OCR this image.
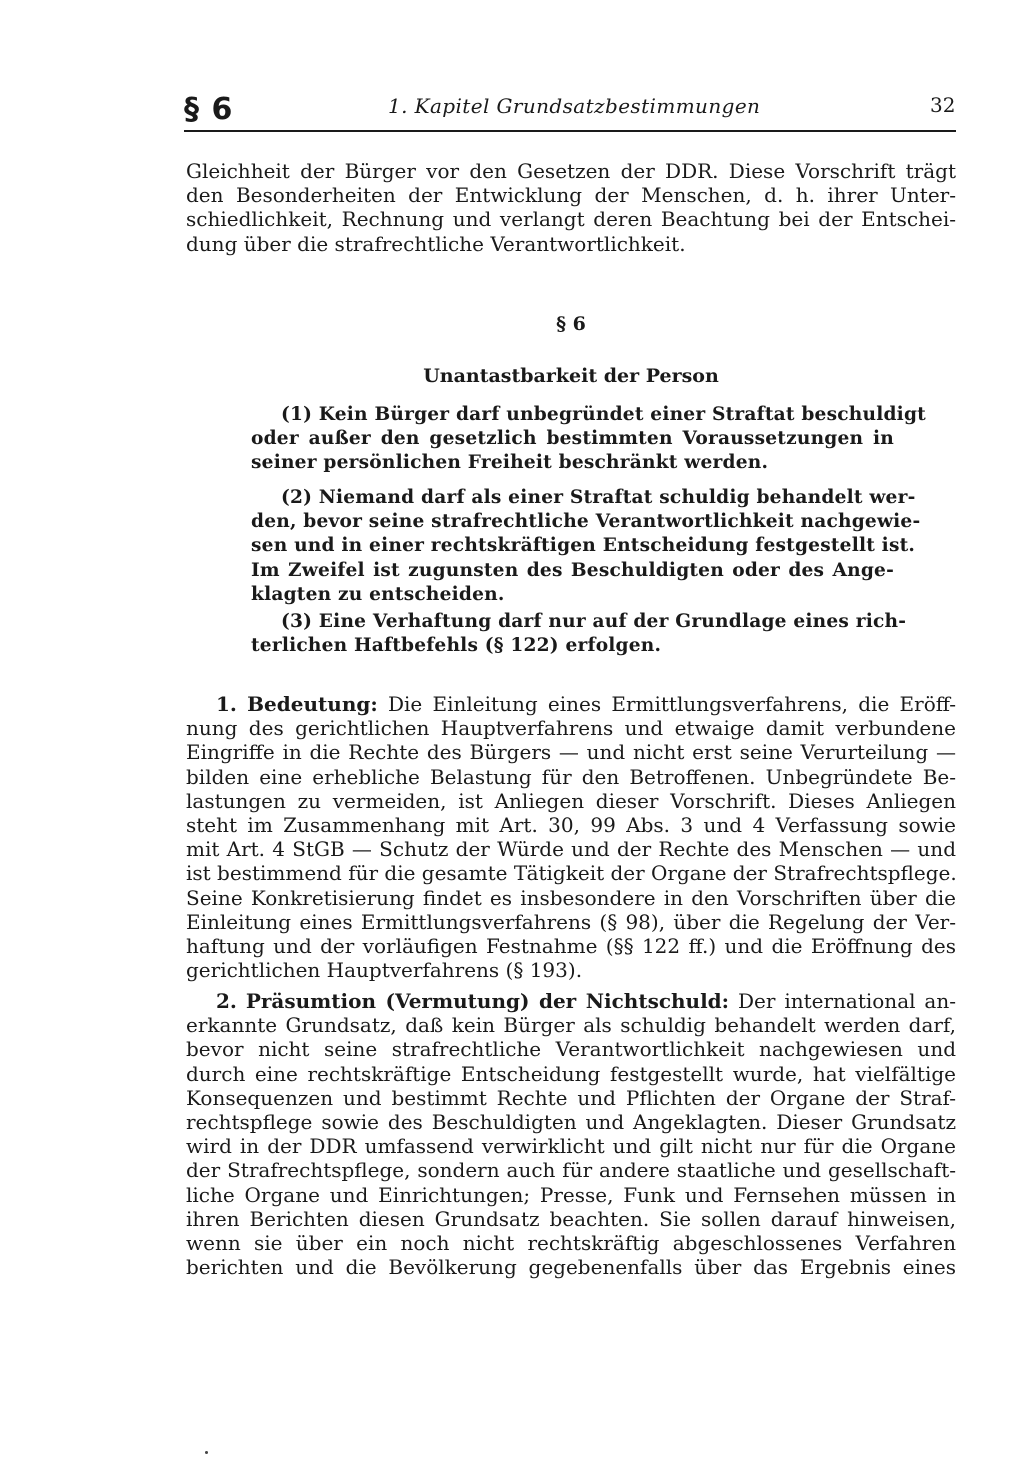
§ 6	1. Kapitel Grundsatzbestimmungen	32
Gleichheit der Bürger vor den Gesetzen der DDR. Diese Vorschrift trägt
den Besonderheiten der Entwicklung der Menschen, d. h. ihrer Unter-
schiedlichkeit, Rechnung und verlangt deren Beachtung bei der Entschei-
dung über die strafrechtliche Verantwortlichkeit.
§ 6
Unantastbarkeit der Person
(1) Kein Bürger darf unbegründet einer Straftat beschuldigt
oder außer den gesetzlich bestimmten Voraussetzungen in
seiner persönlichen Freiheit beschränkt werden.
(2) Niemand darf als einer Straftat schuldig behandelt wer-
den, bevor seine strafrechtliche Verantwortlichkeit nachgewie-
sen und in einer rechtskräftigen Entscheidung festgestellt ist.
Im Zweifel ist zugunsten des Beschuldigten oder des Ange-
klagten zu entscheiden.
(3) Eine Verhaftung darf nur auf der Grundlage eines rich-
terlichen Haftbefehls (§ 122) erfolgen.
1. Bedeutung: Die Einleitung eines Ermittlungsverfahrens, die Eröff-
nung des gerichtlichen Hauptverfahrens und etwaige damit verbundene
Eingriffe in die Rechte des Bürgers — und nicht erst seine Verurteilung —
bilden eine erhebliche Belastung für den Betroffenen. Unbegründete Be-
lastungen zu vermeiden, ist Anliegen dieser Vorschrift. Dieses Anliegen
steht im Zusammenhang mit Art. 30, 99 Abs. 3 und 4 Verfassung sowie
mit Art. 4 StGB — Schutz der Würde und der Rechte des Menschen — und
ist bestimmend für die gesamte Tätigkeit der Organe der Strafrechtspflege.
Seine Konkretisierung findet es insbesondere in den Vorschriften über die
Einleitung eines Ermittlungsverfahrens (§ 98), über die Regelung der Ver-
haftung und der vorläufigen Festnahme (§§ 122 ff.) und die Eröffnung des
gerichtlichen Hauptverfahrens (§ 193).
2. Präsumtion (Vermutung) der Nichtschuld: Der international an-
erkannte Grundsatz, daß kein Bürger als schuldig behandelt werden darf,
bevor nicht seine strafrechtliche Verantwortlichkeit nachgewiesen und
durch eine rechtskräftige Entscheidung festgestellt wurde, hat vielfältige
Konsequenzen und bestimmt Rechte und Pflichten der Organe der Straf-
rechtspflege sowie des Beschuldigten und Angeklagten. Dieser Grundsatz
wird in der DDR umfassend verwirklicht und gilt nicht nur für die Organe
der Strafrechtspflege, sondern auch für andere staatliche und gesellschaft-
liche Organe und Einrichtungen; Presse, Funk und Fernsehen müssen in
ihren Berichten diesen Grundsatz beachten. Sie sollen darauf hinweisen,
wenn sie über ein noch nicht rechtskräftig abgeschlossenes Verfahren
berichten und die Bevölkerung gegebenenfalls über das Ergebnis eines
